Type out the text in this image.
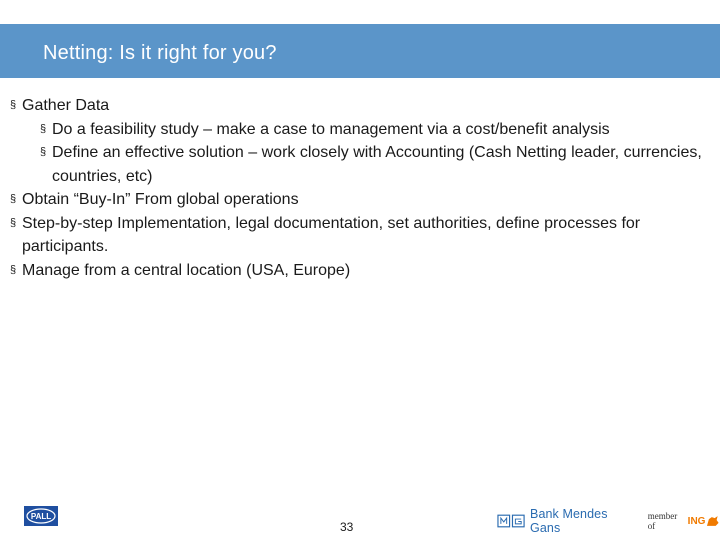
Netting: Is it right for you?
§ Gather Data
§ Do a feasibility study – make a case to management via a cost/benefit analysis
§ Define an effective solution – work closely with Accounting (Cash Netting leader, currencies, countries, etc)
§ Obtain “Buy-In” From global operations
§ Step-by-step Implementation, legal documentation, set authorities, define processes for participants.
§ Manage from a central location (USA, Europe)
PALL
33
Bank Mendes Gans
member of	ING
